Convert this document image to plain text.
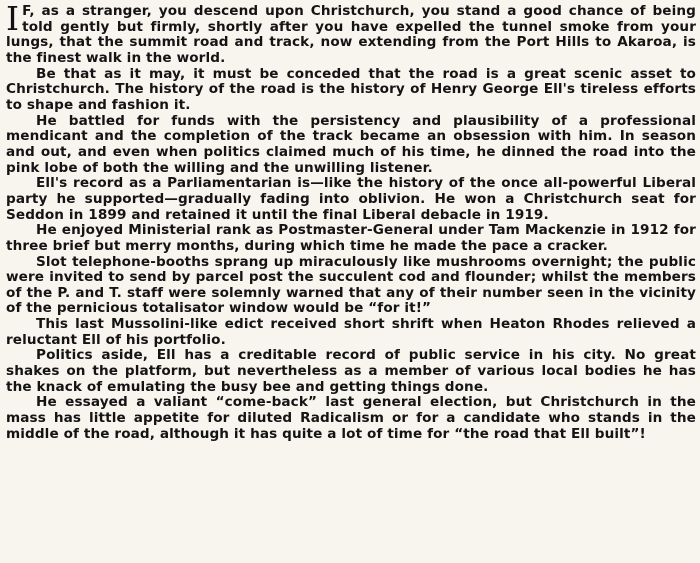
I F, as a stranger, you descend upon Christchurch, you stand a good chance of being told gently but firmly, shortly after you have expelled the tunnel smoke from your lungs, that the summit road and track, now extending from the Port Hills to Akaroa, is the finest walk in the world.

Be that as it may, it must be conceded that the road is a great scenic asset to Christchurch. The history of the road is the history of Henry George Ell's tireless efforts to shape and fashion it.

He battled for funds with the persistency and plausibility of a professional mendicant and the completion of the track became an obsession with him. In season and out, and even when politics claimed much of his time, he dinned the road into the pink lobe of both the willing and the unwilling listener.

Ell's record as a Parliamentarian is—like the history of the once all-powerful Liberal party he supported—gradually fading into oblivion. He won a Christchurch seat for Seddon in 1899 and retained it until the final Liberal debacle in 1919.

He enjoyed Ministerial rank as Postmaster-General under Tam Mackenzie in 1912 for three brief but merry months, during which time he made the pace a cracker.

Slot telephone-booths sprang up miraculously like mushrooms overnight; the public were invited to send by parcel post the succulent cod and flounder; whilst the members of the P. and T. staff were solemnly warned that any of their number seen in the vicinity of the pernicious totalisator window would be “for it!”

This last Mussolini-like edict received short shrift when Heaton Rhodes relieved a reluctant Ell of his portfolio.

Politics aside, Ell has a creditable record of public service in his city. No great shakes on the platform, but nevertheless as a member of various local bodies he has the knack of emulating the busy bee and getting things done.

He essayed a valiant “come-back” last general election, but Christchurch in the mass has little appetite for diluted Radicalism or for a candidate who stands in the middle of the road, although it has quite a lot of time for “the road that Ell built”!
